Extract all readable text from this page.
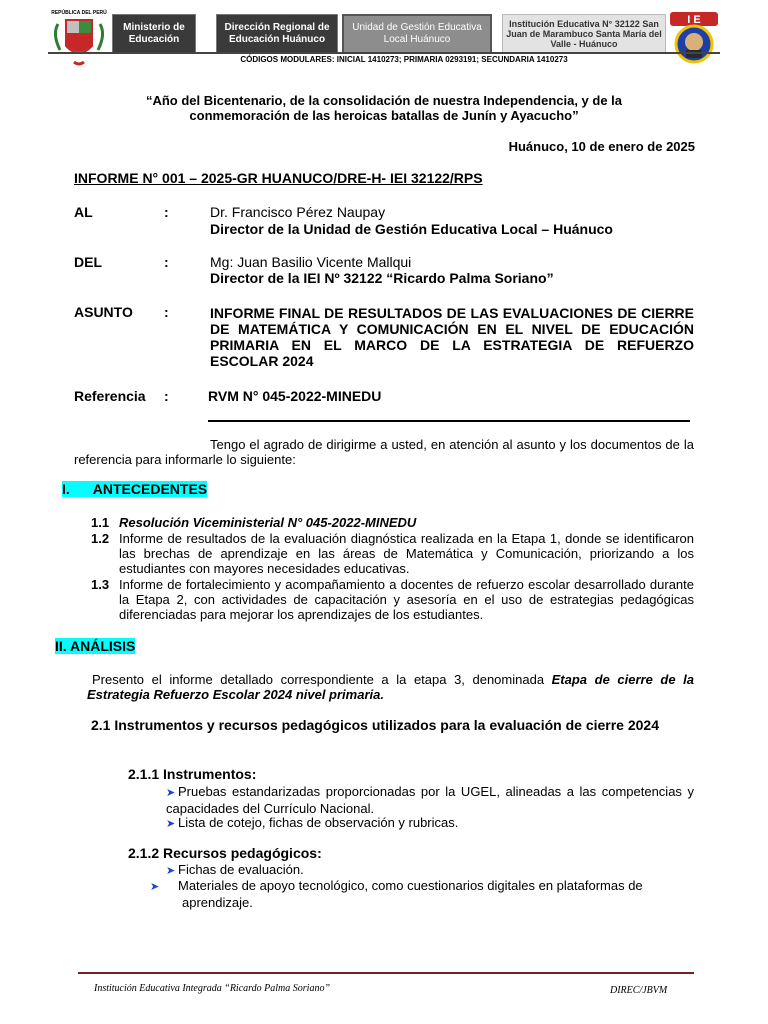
REPÚBLICA DEL PERÚ
Ministerio de Educación
Dirección Regional de Educación Huánuco
Unidad de Gestión Educativa Local Huánuco
Institución Educativa N° 32122 San Juan de Marambuco Santa María del Valle - Huánuco
I E
CÓDIGOS MODULARES: INICIAL 1410273; PRIMARIA 0293191; SECUNDARIA 1410273
“Año del Bicentenario, de la consolidación de nuestra Independencia, y de la conmemoración de las heroicas batallas de Junín y Ayacucho”
Huánuco, 10 de enero de 2025
INFORME N° 001 – 2025-GR HUANUCO/DRE-H- IEI 32122/RPS
AL	:	Dr. Francisco Pérez Naupay
Director de la Unidad de Gestión Educativa Local – Huánuco
DEL	:	Mg: Juan Basilio Vicente Mallqui
Director de la IEI Nº 32122 “Ricardo Palma Soriano”
ASUNTO :	INFORME FINAL DE RESULTADOS DE LAS EVALUACIONES DE CIERRE DE MATEMÁTICA Y COMUNICACIÓN EN EL NIVEL DE EDUCACIÓN PRIMARIA EN EL MARCO DE LA ESTRATEGIA DE REFUERZO ESCOLAR 2024
Referencia :	RVM N° 045-2022-MINEDU
Tengo el agrado de dirigirme a usted, en atención al asunto y los documentos de la referencia para informarle lo siguiente:
I. ANTECEDENTES
1.1 Resolución Viceministerial N° 045-2022-MINEDU
1.2 Informe de resultados de la evaluación diagnóstica realizada en la Etapa 1, donde se identificaron las brechas de aprendizaje en las áreas de Matemática y Comunicación, priorizando a los estudiantes con mayores necesidades educativas.
1.3 Informe de fortalecimiento y acompañamiento a docentes de refuerzo escolar desarrollado durante la Etapa 2, con actividades de capacitación y asesoría en el uso de estrategias pedagógicas diferenciadas para mejorar los aprendizajes de los estudiantes.
II. ANÁLISIS
Presento el informe detallado correspondiente a la etapa 3, denominada Etapa de cierre de la Estrategia Refuerzo Escolar 2024 nivel primaria.
2.1 Instrumentos y recursos pedagógicos utilizados para la evaluación de cierre 2024
2.1.1 Instrumentos:
➤ Pruebas estandarizadas proporcionadas por la UGEL, alineadas a las competencias y capacidades del Currículo Nacional.
➤ Lista de cotejo, fichas de observación y rubricas.
2.1.2 Recursos pedagógicos:
➤ Fichas de evaluación.
➤ Materiales de apoyo tecnológico, como cuestionarios digitales en plataformas de aprendizaje.
Institución Educativa Integrada “Ricardo Palma Soriano”	DIREC/JBVM
